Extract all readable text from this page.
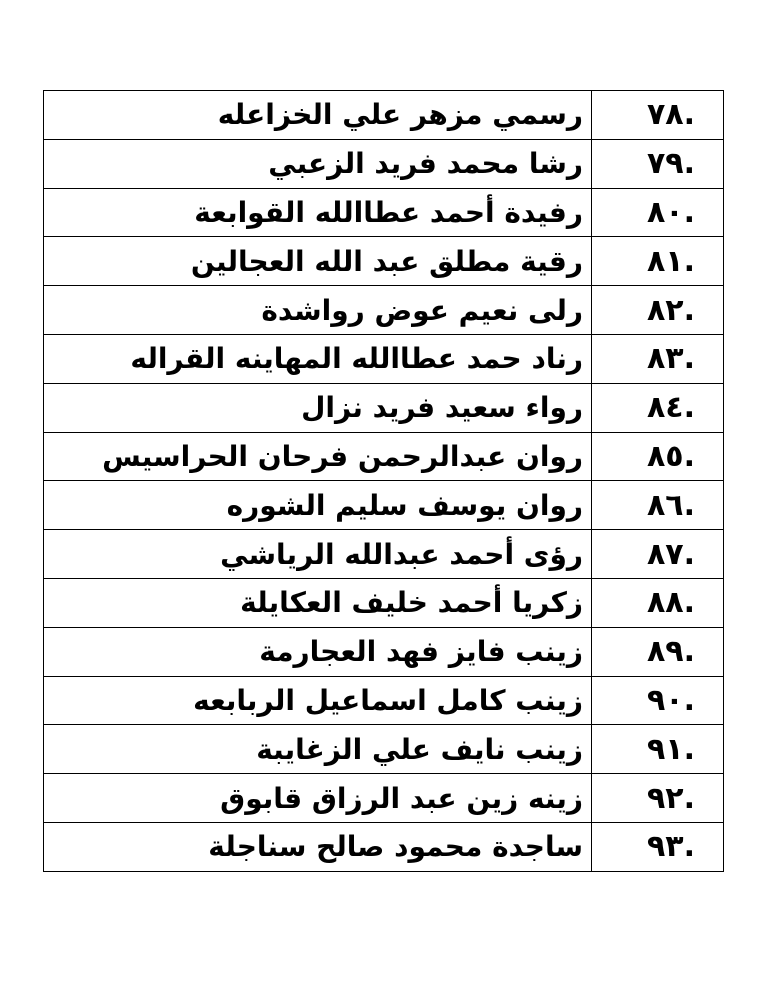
.٧٨	رسمي مزهر علي الخزاعله
.٧٩	رشا محمد فريد الزعبي
.٨٠	رفيدة أحمد عطاالله القوابعة
.٨١	رقية مطلق عبد الله العجالين
.٨٢	رلى نعيم عوض رواشدة
.٨٣	رناد حمد عطاالله المهاينه القراله
.٨٤	رواء سعيد فريد نزال
.٨٥	روان عبدالرحمن فرحان الحراسيس
.٨٦	روان يوسف سليم الشوره
.٨٧	رؤى أحمد عبدالله الرياشي
.٨٨	زكريا أحمد خليف العكايلة
.٨٩	زينب فايز فهد العجارمة
.٩٠	زينب كامل اسماعيل الربابعه
.٩١	زينب نايف علي الزغايبة
.٩٢	زينه زين عبد الرزاق قابوق
.٩٣	ساجدة محمود صالح سناجلة
